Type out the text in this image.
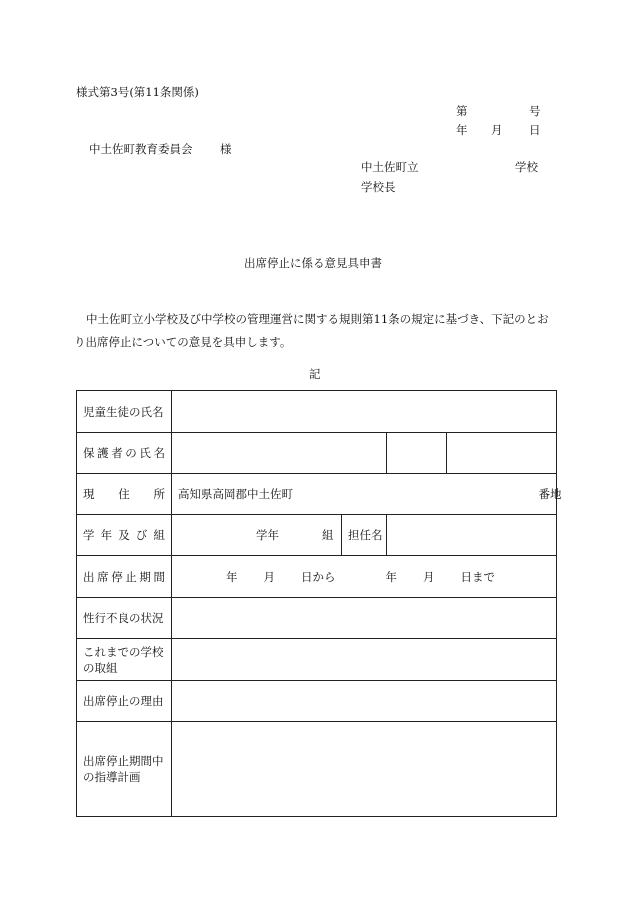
様式第3号(第11条関係)
第	号
年 月 日
中土佐町教育委員会 様
中土佐町立	学校
学校長
出席停止に係る意見具申書
中土佐町立小学校及び中学校の管理運営に関する規則第11条の規定に基づき、下記のとおり出席停止についての意見を具申します。
記
児童生徒の氏名				
保護者の氏名				
現住所	高知県高岡郡中土佐町 番地			

学年及び組	学年 組	担任名		
出席停止期間	年 月 日から 年 月 日まで			
性行不良の状況				
これまでの学校の取組				
出席停止の理由				
出席停止期間中の指導計画				
